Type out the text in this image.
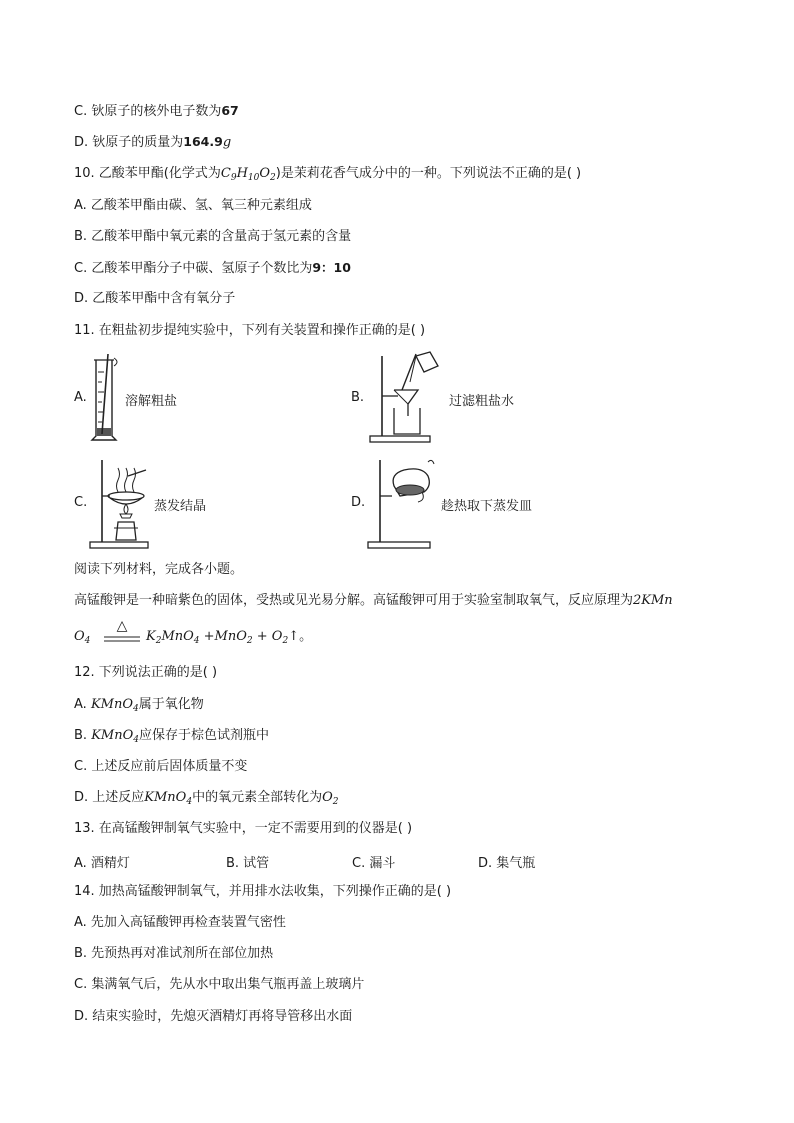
C. 钬原子的核外电子数为67
D. 钬原子的质量为164.9g
10. 乙酸苯甲酯(化学式为$C_9H_{10}O_2$)是茉莉花香气成分中的一种。下列说法不正确的是( )
A. 乙酸苯甲酯由碳、氢、氧三种元素组成
B. 乙酸苯甲酯中氧元素的含量高于氢元素的含量
C. 乙酸苯甲酯分子中碳、氢原子个数比为9：10
D. 乙酸苯甲酯中含有氧分子
11. 在粗盐初步提纯实验中，下列有关装置和操作正确的是( )
A.	溶解粗盐	B.	过滤粗盐水
C.	蒸发结晶	D.	趁热取下蒸发皿
阅读下列材料，完成各小题。
高锰酸钾是一种暗紫色的固体，受热或见光易分解。高锰酸钾可用于实验室制取氧气，反应原理为2KMn
$O_4$
△
$K_2MnO_4 +MnO_2$ + $O_2↑$。
12. 下列说法正确的是( )
A. KMnO$_4$属于氧化物
B. KMnO$_4$应保存于棕色试剂瓶中
C. 上述反应前后固体质量不变
D. 上述反应KMnO$_4$中的氧元素全部转化为$O_2$
13. 在高锰酸钾制氧气实验中，一定不需要用到的仪器是( )
A. 酒精灯	B. 试管	C. 漏斗	D. 集气瓶
14. 加热高锰酸钾制氧气，并用排水法收集，下列操作正确的是( )
A. 先加入高锰酸钾再检查装置气密性
B. 先预热再对准试剂所在部位加热
C. 集满氧气后，先从水中取出集气瓶再盖上玻璃片
D. 结束实验时，先熄灭酒精灯再将导管移出水面
